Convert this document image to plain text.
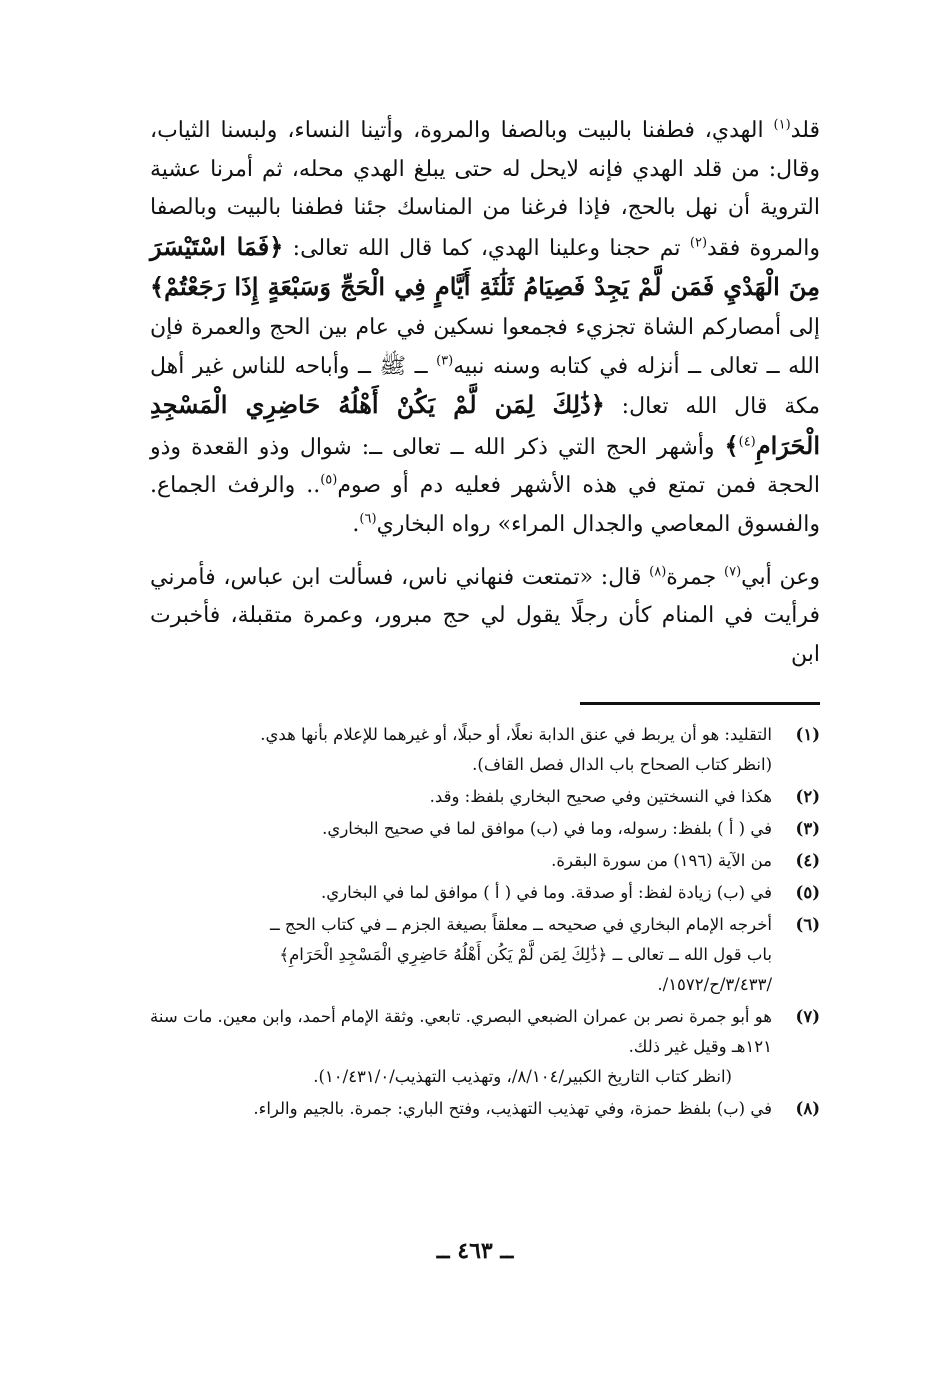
قلد$^{(١)}$ الهدي، فطفنا بالبيت وبالصفا والمروة، وأتينا النساء، ولبسنا الثياب، وقال: من قلد الهدي فإنه لايحل له حتى يبلغ الهدي محله، ثم أمرنا عشية التروية أن نهل بالحج، فإذا فرغنا من المناسك جئنا فطفنا بالبيت وبالصفا والمروة فقد$^{(٢)}$ تم حجنا وعلينا الهدي، كما قال الله تعالى: ﴿فَمَا اسْتَيْسَرَ مِنَ الْهَدْيِ فَمَن لَّمْ يَجِدْ فَصِيَامُ ثَلَٰثَةِ أَيَّامٍ فِي الْحَجِّ وَسَبْعَةٍ إِذَا رَجَعْتُمْ﴾ إلى أمصاركم الشاة تجزيء فجمعوا نسكين في عام بين الحج والعمرة فإن الله ــ تعالى ــ أنزله في كتابه وسنه نبيه$^{(٣)}$ ــ ﷺ ــ وأباحه للناس غير أهل مكة قال الله تعال: ﴿ذَٰلِكَ لِمَن لَّمْ يَكُنْ أَهْلُهُ حَاضِرِي الْمَسْجِدِ الْحَرَامِ$^{(٤)}$﴾ وأشهر الحج التي ذكر الله ــ تعالى ــ: شوال وذو القعدة وذو الحجة فمن تمتع في هذه الأشهر فعليه دم أو صوم$^{(٥)}$.. والرفث الجماع. والفسوق المعاصي والجدال المراء» رواه البخاري$^{(٦)}$.

وعن أبي$^{(٧)}$ جمرة$^{(٨)}$ قال: «تمتعت فنهاني ناس، فسألت ابن عباس، فأمرني فرأيت في المنام كأن رجلًا يقول لي حج مبرور، وعمرة متقبلة، فأخبرت ابن

(١)
التقليد: هو أن يربط في عنق الدابة نعلًا، أو حبلًا، أو غيرهما للإعلام بأنها هدي.
(انظر كتاب الصحاح باب الدال فصل القاف).
(٢)
هكذا في النسختين وفي صحيح البخاري بلفظ: وقد.
(٣)
في ( أ ) بلفظ: رسوله، وما في (ب) موافق لما في صحيح البخاري.
(٤)
من الآية (١٩٦) من سورة البقرة.
(٥)
في (ب) زيادة لفظ: أو صدقة. وما في ( أ ) موافق لما في البخاري.
(٦)
أخرجه الإمام البخاري في صحيحه ــ معلقاً بصيغة الجزم ــ في كتاب الحج ــ
باب قول الله ــ تعالى ــ ﴿ذَٰلِكَ لِمَن لَّمْ يَكُن أَهْلُهُ حَاضِرِي الْمَسْجِدِ الْحَرَامِ﴾
/٣/٤٣٣/ح/١٥٧٢/.
(٧)
هو أبو جمرة نصر بن عمران الضبعي البصري. تابعي. وثقة الإمام أحمد، وابن معين. مات سنة ١٢١هـ وقيل غير ذلك.
(انظر كتاب التاريخ الكبير/٨/١٠٤/، وتهذيب التهذيب/١٠/٤٣١/٠).
(٨)
في (ب) بلفظ حمزة، وفي تهذيب التهذيب، وفتح الباري: جمرة. بالجيم والراء.
ــ ٤٦٣ ــ
